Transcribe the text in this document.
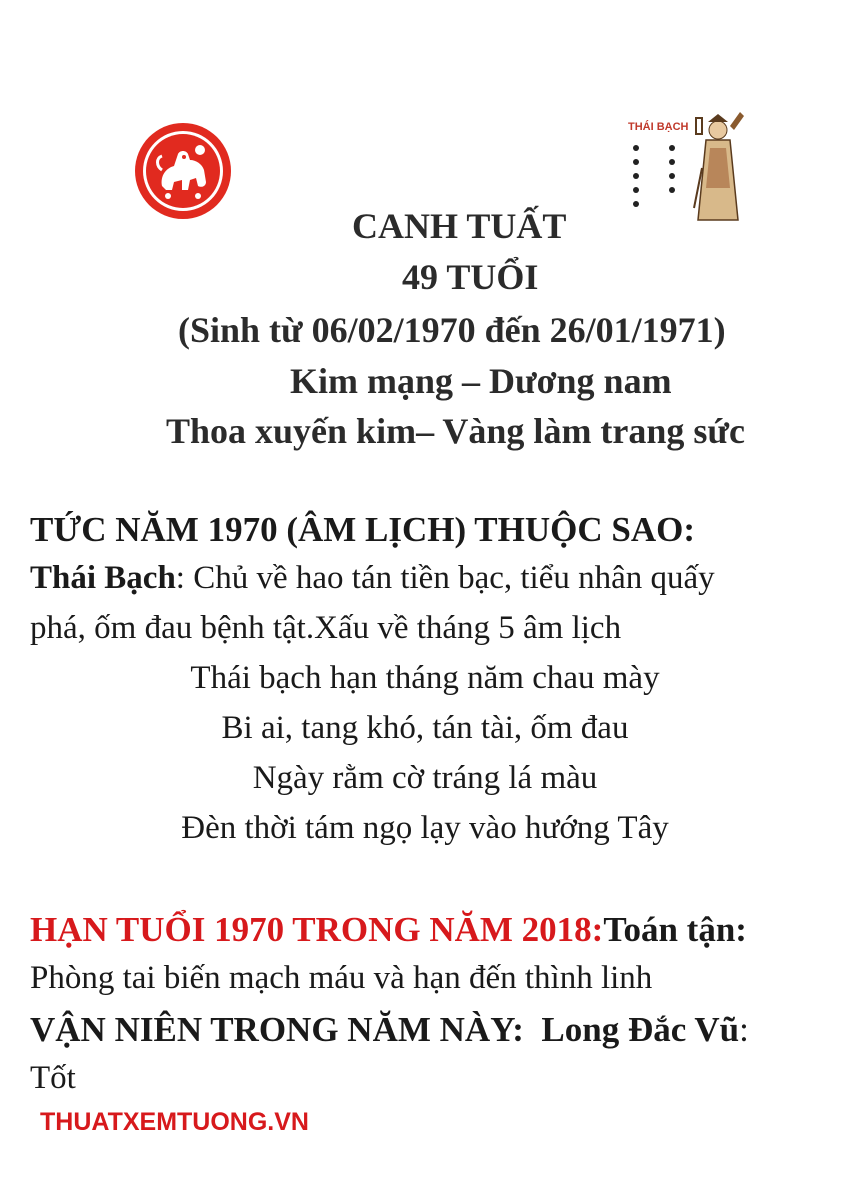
THÁI BẠCH
CANH TUẤT
49 TUỔI
(Sinh từ 06/02/1970 đến 26/01/1971)
Kim mạng – Dương nam
Thoa xuyến kim– Vàng làm trang sức
TỨC NĂM 1970 (ÂM LỊCH) THUỘC SAO:
Thái Bạch: Chủ về hao tán tiền bạc, tiểu nhân quấy
phá, ốm đau bệnh tật.Xấu về tháng 5 âm lịch
Thái bạch hạn tháng năm chau mày
Bi ai, tang khó, tán tài, ốm đau
Ngày rằm cờ tráng lá màu
Đèn thời tám ngọ lạy vào hướng Tây
HẠN TUỔI 1970 TRONG NĂM 2018:Toán tận:
Phòng tai biến mạch máu và hạn đến thình linh
VẬN NIÊN TRONG NĂM NÀY: Long Đắc Vũ:
Tốt
THUATXEMTUONG.VN
